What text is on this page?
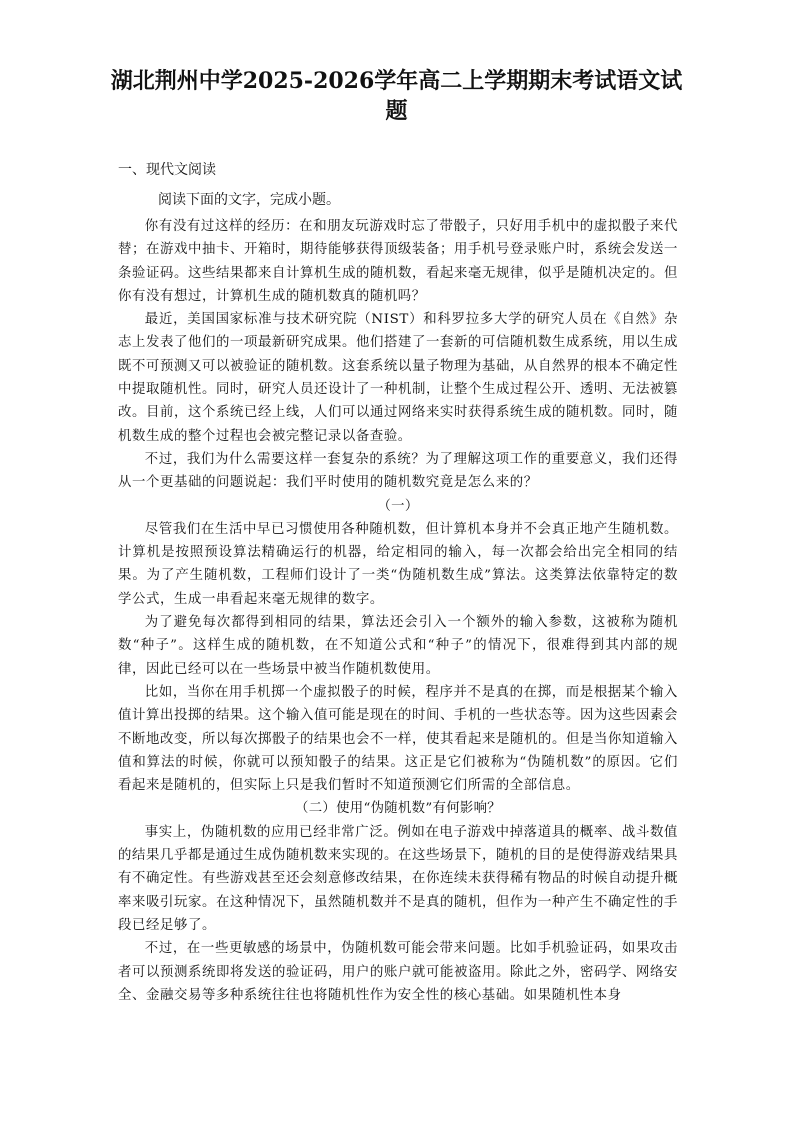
湖北荆州中学2025-2026学年高二上学期期末考试语文试题
一、现代文阅读

阅读下面的文字，完成小题。

你有没有过这样的经历：在和朋友玩游戏时忘了带骰子，只好用手机中的虚拟骰子来代替；在游戏中抽卡、开箱时，期待能够获得顶级装备；用手机号登录账户时，系统会发送一条验证码。这些结果都来自计算机生成的随机数，看起来毫无规律，似乎是随机决定的。但你有没有想过，计算机生成的随机数真的随机吗？

最近，美国国家标准与技术研究院（NIST）和科罗拉多大学的研究人员在《自然》杂志上发表了他们的一项最新研究成果。他们搭建了一套新的可信随机数生成系统，用以生成既不可预测又可以被验证的随机数。这套系统以量子物理为基础，从自然界的根本不确定性中提取随机性。同时，研究人员还设计了一种机制，让整个生成过程公开、透明、无法被篡改。目前，这个系统已经上线，人们可以通过网络来实时获得系统生成的随机数。同时，随机数生成的整个过程也会被完整记录以备查验。

不过，我们为什么需要这样一套复杂的系统？为了理解这项工作的重要意义，我们还得从一个更基础的问题说起：我们平时使用的随机数究竟是怎么来的？

（一）

尽管我们在生活中早已习惯使用各种随机数，但计算机本身并不会真正地产生随机数。计算机是按照预设算法精确运行的机器，给定相同的输入，每一次都会给出完全相同的结果。为了产生随机数，工程师们设计了一类“伪随机数生成”算法。这类算法依靠特定的数学公式，生成一串看起来毫无规律的数字。

为了避免每次都得到相同的结果，算法还会引入一个额外的输入参数，这被称为随机数“种子”。这样生成的随机数，在不知道公式和“种子”的情况下，很难得到其内部的规律，因此已经可以在一些场景中被当作随机数使用。

比如，当你在用手机掷一个虚拟骰子的时候，程序并不是真的在掷，而是根据某个输入值计算出投掷的结果。这个输入值可能是现在的时间、手机的一些状态等。因为这些因素会不断地改变，所以每次掷骰子的结果也会不一样，使其看起来是随机的。但是当你知道输入值和算法的时候，你就可以预知骰子的结果。这正是它们被称为“伪随机数”的原因。它们看起来是随机的，但实际上只是我们暂时不知道预测它们所需的全部信息。

（二）使用“伪随机数”有何影响？

事实上，伪随机数的应用已经非常广泛。例如在电子游戏中掉落道具的概率、战斗数值的结果几乎都是通过生成伪随机数来实现的。在这些场景下，随机的目的是使得游戏结果具有不确定性。有些游戏甚至还会刻意修改结果，在你连续未获得稀有物品的时候自动提升概率来吸引玩家。在这种情况下，虽然随机数并不是真的随机，但作为一种产生不确定性的手段已经足够了。

不过，在一些更敏感的场景中，伪随机数可能会带来问题。比如手机验证码，如果攻击者可以预测系统即将发送的验证码，用户的账户就可能被盗用。除此之外，密码学、网络安全、金融交易等多种系统往往也将随机性作为安全性的核心基础。如果随机性本身
